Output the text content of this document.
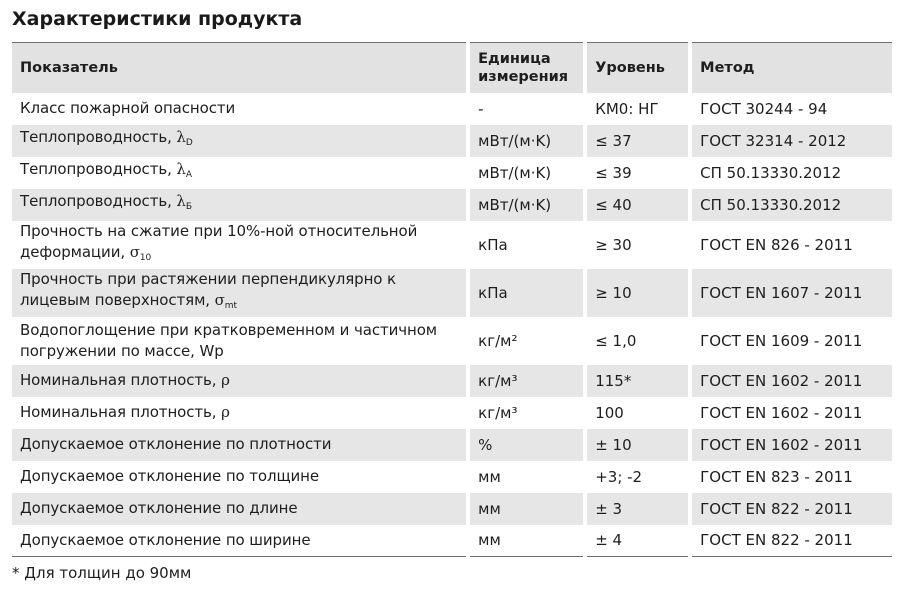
Характеристики продукта
Показатель	Единица измерения	Уровень	Метод
Класс пожарной опасности	-	КМ0: НГ	ГОСТ 30244 - 94
Теплопроводность, $\lambda_D$	мВт/(м·K)	≤ 37	ГОСТ 32314 - 2012
Теплопроводность, $\lambda_А$	мВт/(м·K)	≤ 39	СП 50.13330.2012
Теплопроводность, $\lambda_Б$	мВт/(м·K)	≤ 40	СП 50.13330.2012
Прочность на сжатие при 10%-ной относительной деформации, $\sigma_{10}$	кПа	≥ 30	ГОСТ EN 826 - 2011
Прочность при растяжении перпендикулярно к лицевым поверхностям, $\sigma_{mt}$	кПа	≥ 10	ГОСТ EN 1607 - 2011
Водопоглощение при кратковременном и частичном погружении по массе, Wp	кг/м²	≤ 1,0	ГОСТ EN 1609 - 2011
Номинальная плотность, ρ	кг/м³	115*	ГОСТ EN 1602 - 2011
Номинальная плотность, ρ	кг/м³	100	ГОСТ EN 1602 - 2011
Допускаемое отклонение по плотности	%	± 10	ГОСТ EN 1602 - 2011
Допускаемое отклонение по толщине	мм	+3; -2	ГОСТ EN 823 - 2011
Допускаемое отклонение по длине	мм	± 3	ГОСТ EN 822 - 2011
Допускаемое отклонение по ширине	мм	± 4	ГОСТ EN 822 - 2011
* Для толщин до 90мм
